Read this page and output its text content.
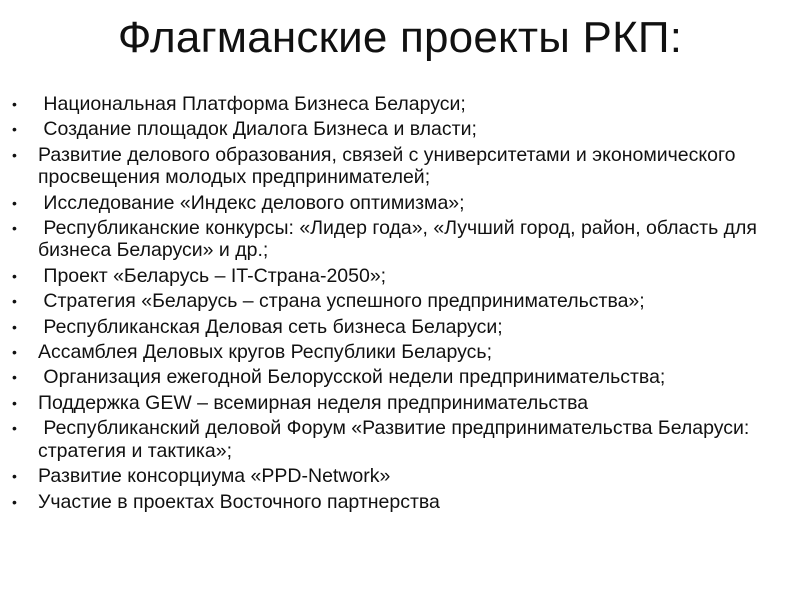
Флагманские проекты РКП:
• Национальная Платформа Бизнеса Беларуси;
• Создание площадок Диалога Бизнеса и власти;
• Развитие делового образования, связей с университетами и экономического просвещения молодых предпринимателей;
• Исследование «Индекс делового оптимизма»;
• Республиканские конкурсы: «Лидер года», «Лучший город, район, область для бизнеса Беларуси» и др.;
• Проект «Беларусь – IT-Страна-2050»;
• Стратегия «Беларусь – страна успешного предпринимательства»;
• Республиканская Деловая сеть бизнеса Беларуси;
• Ассамблея Деловых кругов Республики Беларусь;
• Организация ежегодной Белорусской недели предпринимательства;
• Поддержка GEW – всемирная неделя предпринимательства
• Республиканский деловой Форум «Развитие предпринимательства Беларуси: стратегия и тактика»;
• Развитие консорциума «PPD-Network»
• Участие в проектах Восточного партнерства
